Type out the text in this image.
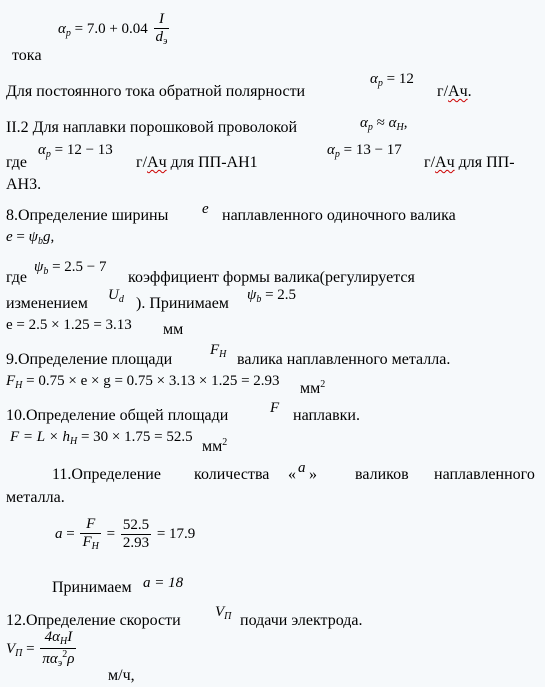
$\alpha_p = 7.0 + 0.04 \frac{I}{d_э}$
токa
Для постоянного тока обратной полярности
$\alpha_p = 12$
г/Ач.
II.2 Для наплавки порошковой проволокой	$\alpha_p \approx \alpha_H$,
где
$\alpha_p = 12 - 13$
г/Ач для ПП-АН1
$\alpha_p = 13 - 17$
г/Ач для ПП-
АН3.
8.Определение ширины e наплавленного одиночного валика
$e = \psi_bg$,
где
$\psi_b = 2.5 - 7$
коэффициент формы валика(регулируется
изменением $U_d$ ). Принимаем $\psi_b = 2.5$
e = 2.5 × 1.25 = 3.13 мм
9.Определение площади
$F_H$ валика наплавленного металла.
$F_H = 0.75 \times e \times g = 0.75 \times 3.13 \times 1.25 = 2.93$ $мм^2$
10.Определение общей площади	F наплавки.
$F = L \times h_H = 30 \times 1.75 = 52.5$
$мм^2$
11.Определение количества « a » валиков наплавленного
металла.
$a = \frac{F}{F_H} = \frac{52.5}{2.93} = 17.9$
Принимаем a = 18
12.Определение скорости $V_П$ подачи электрода.
$V_П = \frac{4\alpha_HI}{\pi\alpha_э^2\rho}$
м/ч,
